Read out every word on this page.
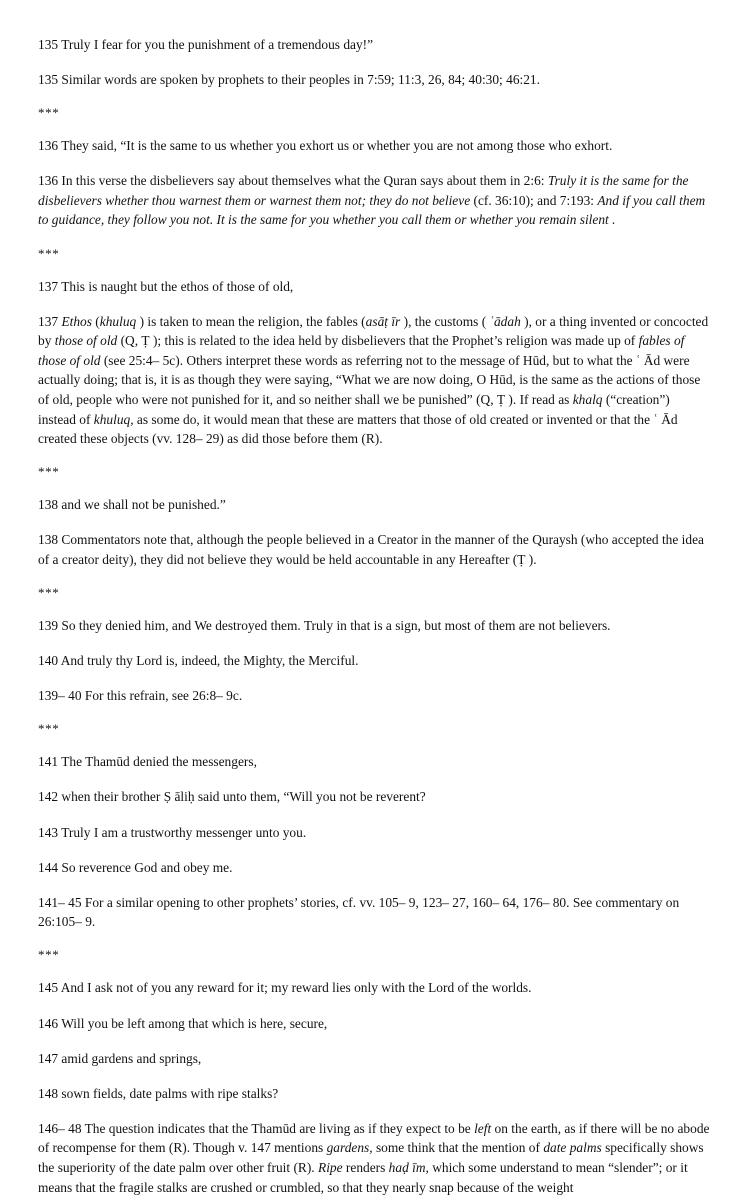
135 Truly I fear for you the punishment of a tremendous day!”
135 Similar words are spoken by prophets to their peoples in 7:59; 11:3, 26, 84; 40:30; 46:21.
***
136 They said, “It is the same to us whether you exhort us or whether you are not among those who exhort.
136 In this verse the disbelievers say about themselves what the Quran says about them in 2:6: Truly it is the same for the disbelievers whether thou warnest them or warnest them not; they do not believe (cf. 36:10); and 7:193: And if you call them to guidance, they follow you not. It is the same for you whether you call them or whether you remain silent .
***
137 This is naught but the ethos of those of old,
137 Ethos (khuluq ) is taken to mean the religion, the fables (asāṭ īr ), the customs ( ʿādah ), or a thing invented or concocted by those of old (Q, Ṭ ); this is related to the idea held by disbelievers that the Prophet’s religion was made up of fables of those of old (see 25:4– 5c). Others interpret these words as referring not to the message of Hūd, but to what the ʿ Ād were actually doing; that is, it is as though they were saying, “What we are now doing, O Hūd, is the same as the actions of those of old, people who were not punished for it, and so neither shall we be punished” (Q, Ṭ ). If read as khalq (“creation”) instead of khuluq, as some do, it would mean that these are matters that those of old created or invented or that the ʿ Ād created these objects (vv. 128– 29) as did those before them (R).
***
138 and we shall not be punished.”
138 Commentators note that, although the people believed in a Creator in the manner of the Quraysh (who accepted the idea of a creator deity), they did not believe they would be held accountable in any Hereafter (Ṭ ).
***
139 So they denied him, and We destroyed them. Truly in that is a sign, but most of them are not believers.
140 And truly thy Lord is, indeed, the Mighty, the Merciful.
139– 40 For this refrain, see 26:8– 9c.
***
141 The Thamūd denied the messengers,
142 when their brother Ṣ āliḥ said unto them, “Will you not be reverent?
143 Truly I am a trustworthy messenger unto you.
144 So reverence God and obey me.
141– 45 For a similar opening to other prophets’ stories, cf. vv. 105– 9, 123– 27, 160– 64, 176– 80. See commentary on 26:105– 9.
***
145 And I ask not of you any reward for it; my reward lies only with the Lord of the worlds.
146 Will you be left among that which is here, secure,
147 amid gardens and springs,
148 sown fields, date palms with ripe stalks?
146– 48 The question indicates that the Thamūd are living as if they expect to be left on the earth, as if there will be no abode of recompense for them (R). Though v. 147 mentions gardens, some think that the mention of date palms specifically shows the superiority of the date palm over other fruit (R). Ripe renders haḍ īm, which some understand to mean “slender”; or it means that the fragile stalks are crushed or crumbled, so that they nearly snap because of the weight
